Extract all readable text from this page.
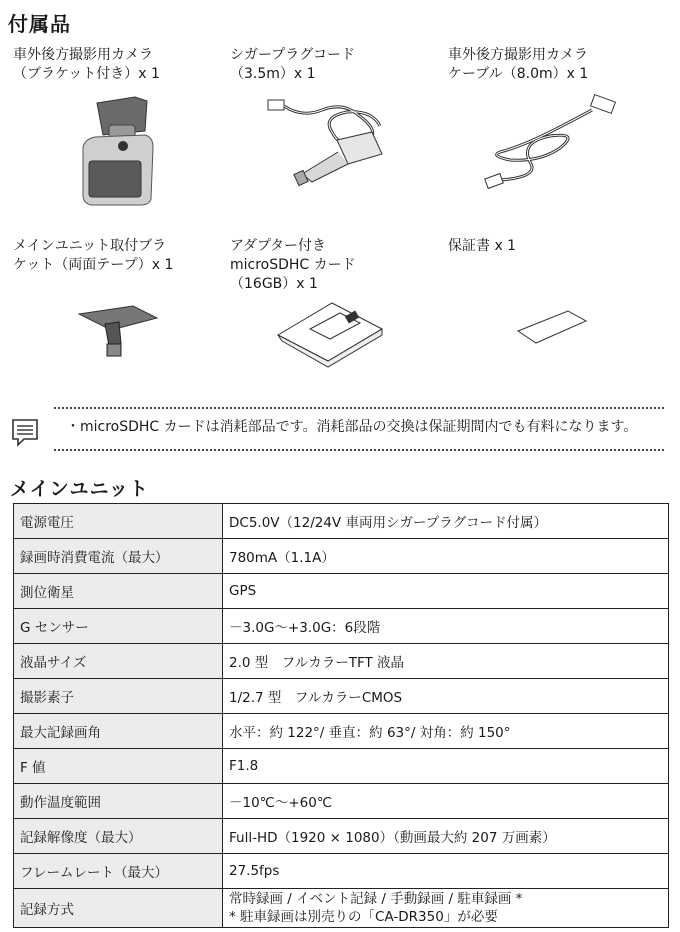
付属品
車外後方撮影用カメラ
（ブラケット付き）x 1
シガープラグコード
（3.5m）x 1
車外後方撮影用カメラ
ケーブル（8.0m）x 1
メインユニット取付ブラ
ケット（両面テープ）x 1
アダプター付き
microSDHC カード
（16GB）x 1
保証書 x 1
・microSDHC カードは消耗部品です。消耗部品の交換は保証期間内でも有料になります。
メインユニット
電源電圧	DC5.0V（12/24V 車両用シガープラグコード付属）
録画時消費電流（最大）	780mA（1.1A）
測位衛星	GPS
G センサー	－3.0G～+3.0G：6段階
液晶サイズ	2.0 型　フルカラーTFT 液晶
撮影素子	1/2.7 型　フルカラーCMOS
最大記録画角	水平：約 122°/ 垂直：約 63°/ 対角：約 150°
F 値	F1.8
動作温度範囲	－10℃～+60℃
記録解像度（最大）	Full-HD（1920 × 1080）（動画最大約 207 万画素）
フレームレート（最大）	27.5fps
記録方式	常時録画 / イベント記録 / 手動録画 / 駐車録画 *
* 駐車録画は別売りの「CA-DR350」が必要
